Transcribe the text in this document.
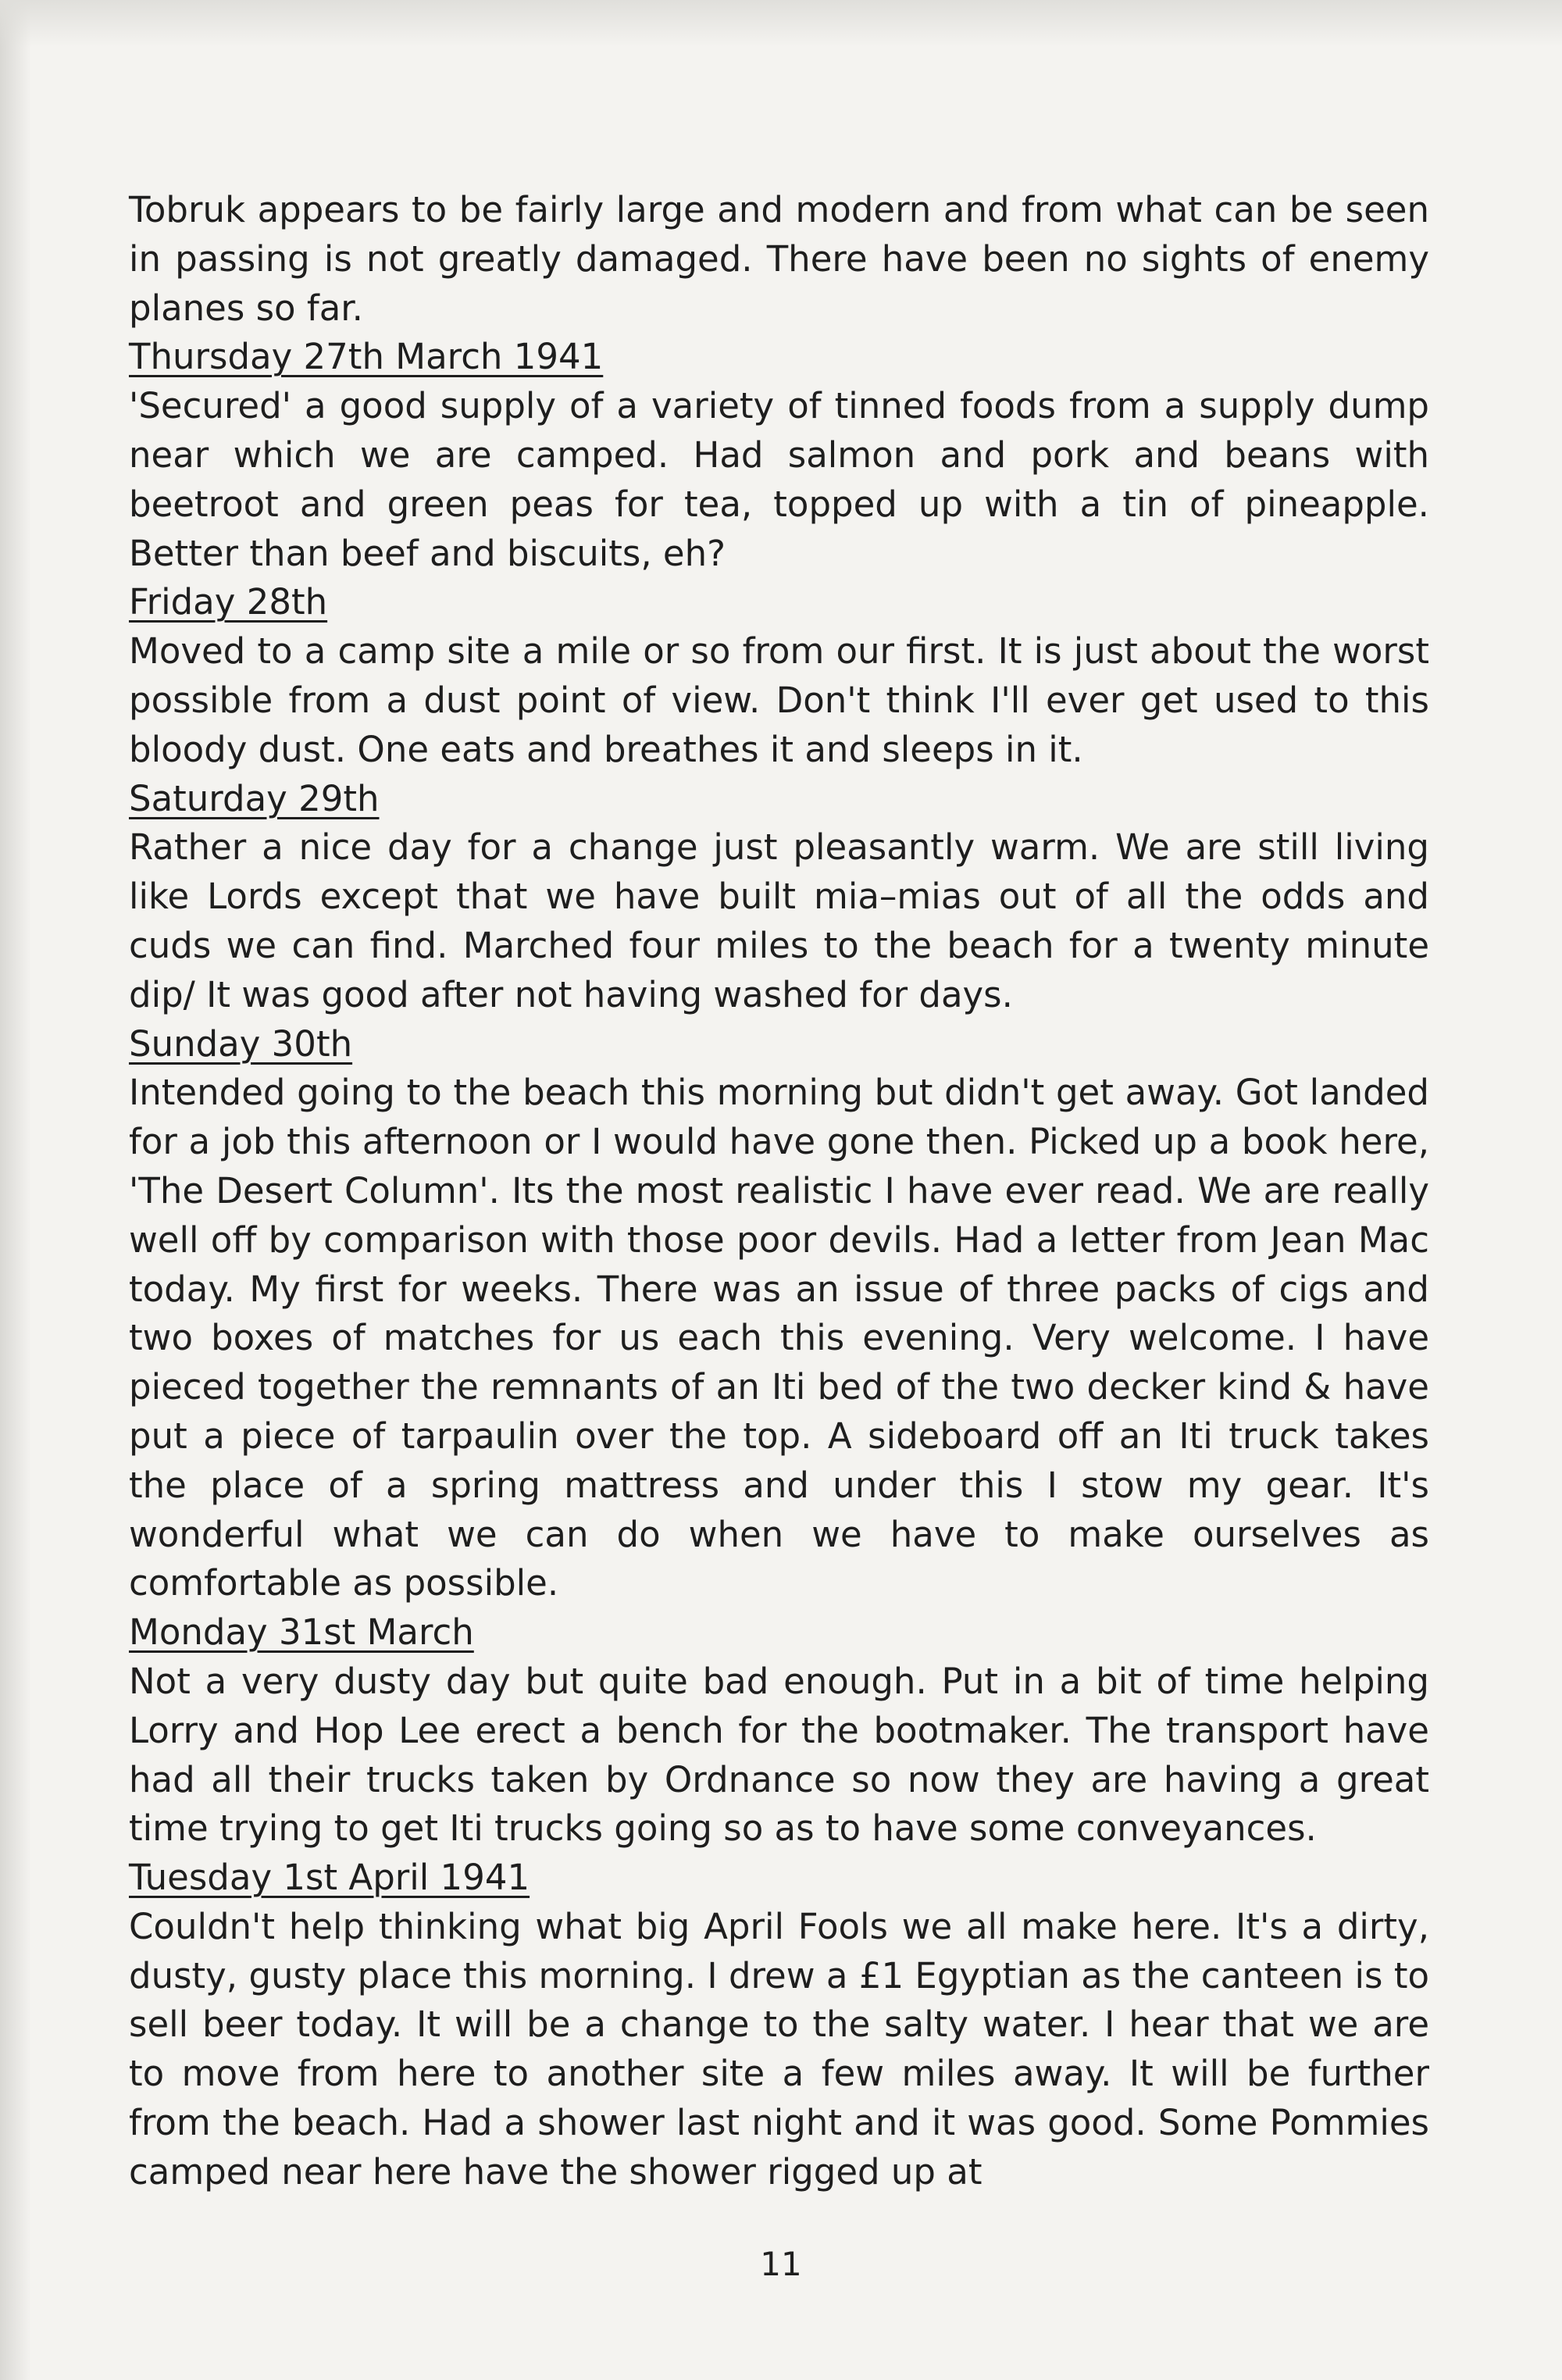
Tobruk appears to be fairly large and modern and from what can be seen in passing is not greatly damaged. There have been no sights of enemy planes so far.

Thursday 27th March 1941

'Secured' a good supply of a variety of tinned foods from a supply dump near which we are camped. Had salmon and pork and beans with beetroot and green peas for tea, topped up with a tin of pineapple. Better than beef and biscuits, eh?

Friday 28th

Moved to a camp site a mile or so from our first. It is just about the worst possible from a dust point of view. Don't think I'll ever get used to this bloody dust. One eats and breathes it and sleeps in it.

Saturday 29th

Rather a nice day for a change just pleasantly warm. We are still living like Lords except that we have built mia–mias out of all the odds and cuds we can find. Marched four miles to the beach for a twenty minute dip/ It was good after not having washed for days.

Sunday 30th

Intended going to the beach this morning but didn't get away. Got landed for a job this afternoon or I would have gone then. Picked up a book here, 'The Desert Column'. Its the most realistic I have ever read. We are really well off by comparison with those poor devils. Had a letter from Jean Mac today. My first for weeks. There was an issue of three packs of cigs and two boxes of matches for us each this evening. Very welcome. I have pieced together the remnants of an Iti bed of the two decker kind & have put a piece of tarpaulin over the top. A sideboard off an Iti truck takes the place of a spring mattress and under this I stow my gear. It's wonderful what we can do when we have to make ourselves as comfortable as possible.

Monday 31st March

Not a very dusty day but quite bad enough. Put in a bit of time helping Lorry and Hop Lee erect a bench for the bootmaker. The transport have had all their trucks taken by Ordnance so now they are having a great time trying to get Iti trucks going so as to have some conveyances.

Tuesday 1st April 1941

Couldn't help thinking what big April Fools we all make here. It's a dirty, dusty, gusty place this morning. I drew a £1 Egyptian as the canteen is to sell beer today. It will be a change to the salty water. I hear that we are to move from here to another site a few miles away. It will be further from the beach. Had a shower last night and it was good. Some Pommies camped near here have the shower rigged up at

11
